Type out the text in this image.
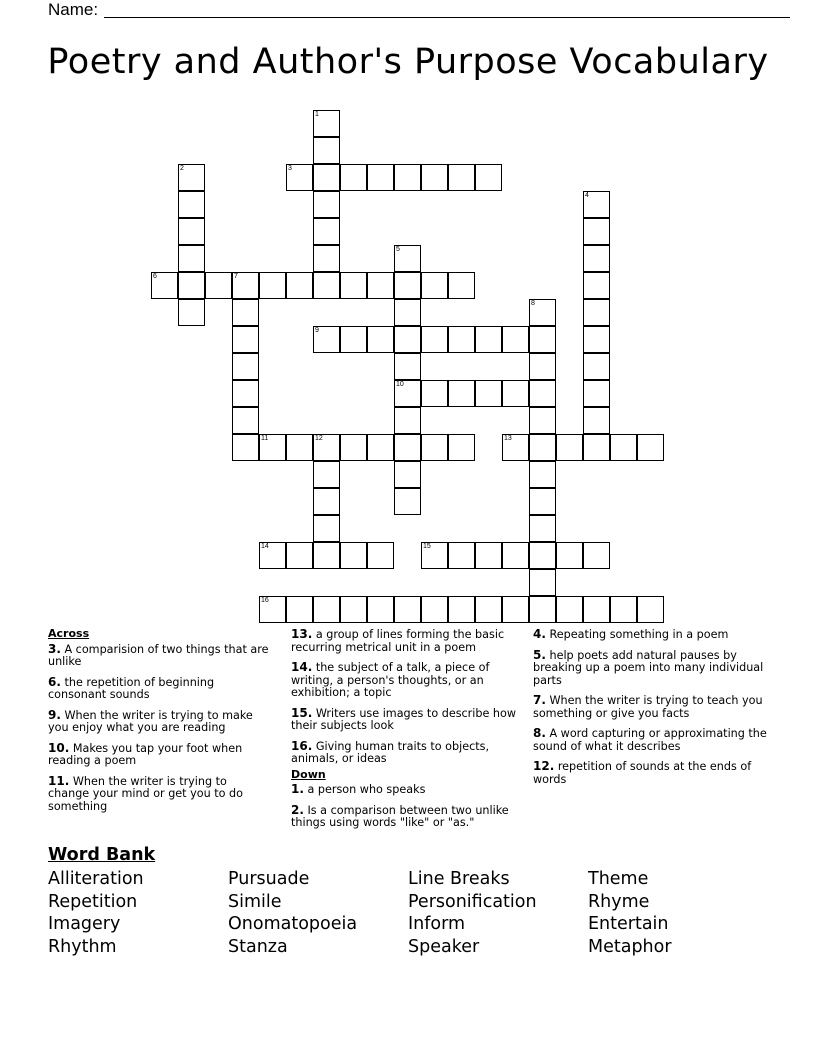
Name:
Poetry and Author's Purpose Vocabulary
1
2	3
4
5
6	7
8
9
11	12	13
14	15
16
10
Across
3. A comparision of two things that are unlike
6. the repetition of beginning consonant sounds
9. When the writer is trying to make you enjoy what you are reading
10. Makes you tap your foot when reading a poem
11. When the writer is trying to change your mind or get you to do something
13. a group of lines forming the basic recurring metrical unit in a poem
14. the subject of a talk, a piece of writing, a person's thoughts, or an exhibition; a topic
15. Writers use images to describe how their subjects look
16. Giving human traits to objects, animals, or ideas
Down
1. a person who speaks
2. Is a comparison between two unlike things using words "like" or "as."
4. Repeating something in a poem
5. help poets add natural pauses by breaking up a poem into many individual parts
7. When the writer is trying to teach you something or give you facts
8. A word capturing or approximating the sound of what it describes
12. repetition of sounds at the ends of words
Word Bank
Alliteration
Repetition
Imagery
Rhythm
Pursuade
Simile
Onomatopoeia
Stanza
Line Breaks
Personification
Inform
Speaker
Theme
Rhyme
Entertain
Metaphor
